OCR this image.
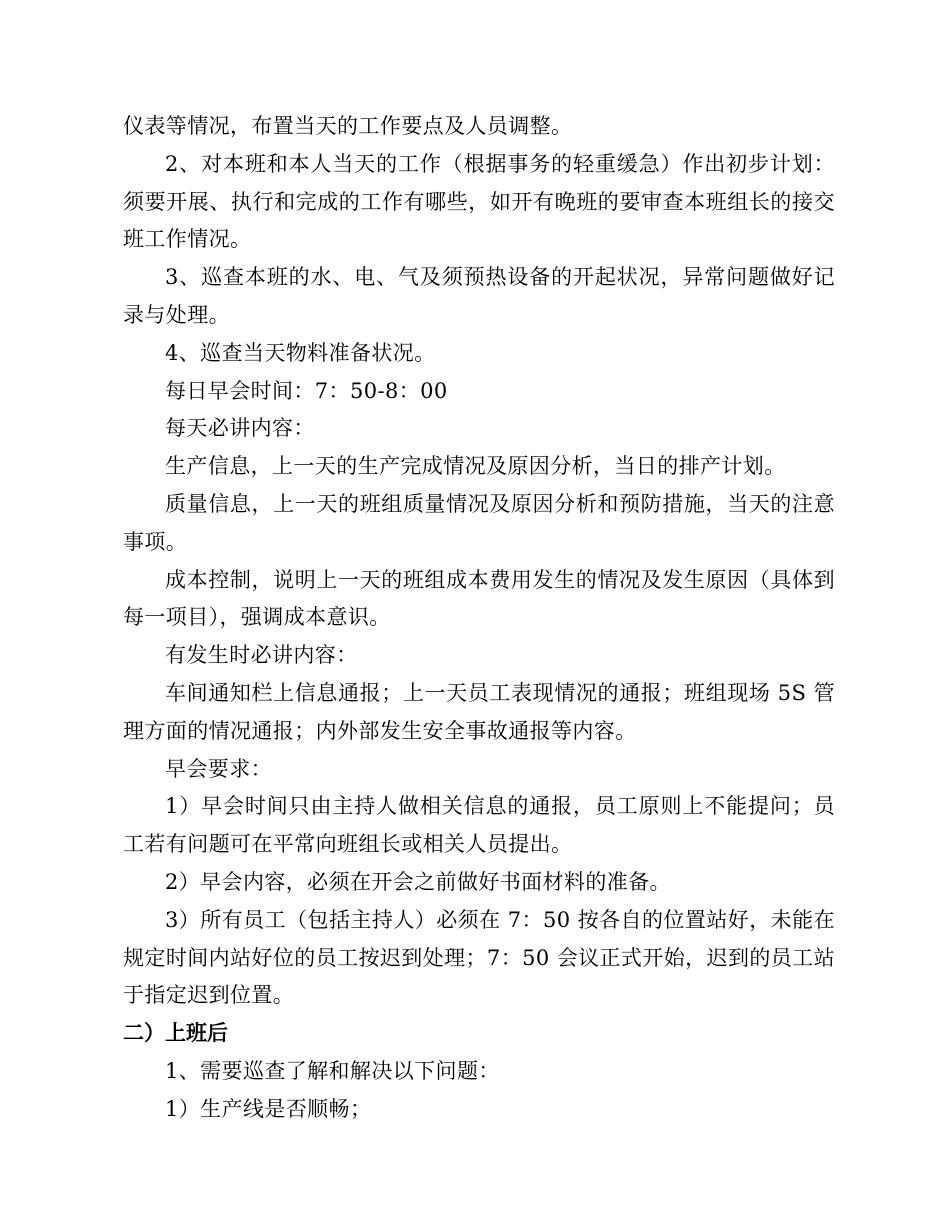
仪表等情况，布置当天的工作要点及人员调整。

2、对本班和本人当天的工作（根据事务的轻重缓急）作出初步计划：须要开展、执行和完成的工作有哪些，如开有晚班的要审查本班组长的接交班工作情况。

3、巡查本班的水、电、气及须预热设备的开起状况，异常问题做好记录与处理。

4、巡查当天物料准备状况。

每日早会时间：7：50-8：00

每天必讲内容：

生产信息，上一天的生产完成情况及原因分析，当日的排产计划。

质量信息，上一天的班组质量情况及原因分析和预防措施，当天的注意事项。

成本控制，说明上一天的班组成本费用发生的情况及发生原因（具体到每一项目），强调成本意识。

有发生时必讲内容：

车间通知栏上信息通报；上一天员工表现情况的通报；班组现场 5S 管理方面的情况通报；内外部发生安全事故通报等内容。

早会要求：

1）早会时间只由主持人做相关信息的通报，员工原则上不能提问；员工若有问题可在平常向班组长或相关人员提出。

2）早会内容，必须在开会之前做好书面材料的准备。

3）所有员工（包括主持人）必须在 7：50 按各自的位置站好，未能在规定时间内站好位的员工按迟到处理；7：50 会议正式开始，迟到的员工站于指定迟到位置。

二）上班后

1、需要巡查了解和解决以下问题：

1）生产线是否顺畅；
